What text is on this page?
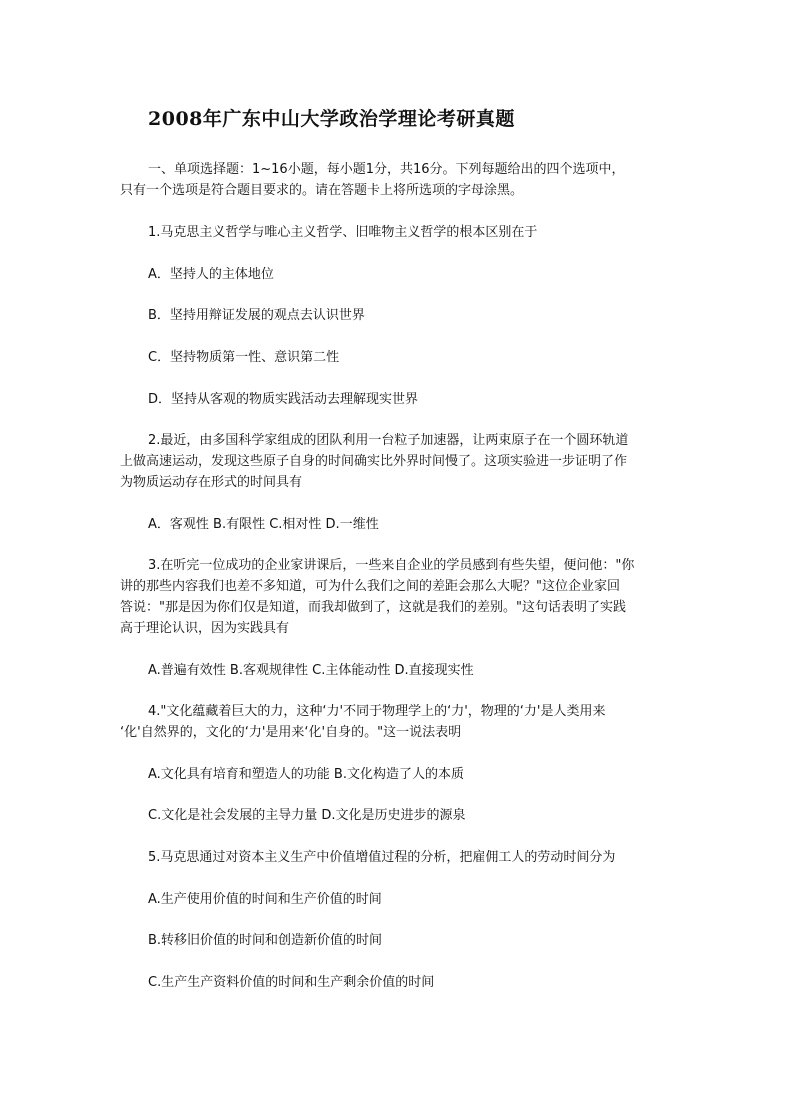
2008年广东中山大学政治学理论考研真题

一、单项选择题：1~16小题，每小题1分，共16分。下列每题给出的四个选项中，

只有一个选项是符合题目要求的。请在答题卡上将所选项的字母涂黑。

1.马克思主义哲学与唯心主义哲学、旧唯物主义哲学的根本区别在于

A．坚持人的主体地位

B．坚持用辩证发展的观点去认识世界

C．坚持物质第一性、意识第二性

D．坚持从客观的物质实践活动去理解现实世界

2.最近，由多国科学家组成的团队利用一台粒子加速器，让两束原子在一个圆环轨道

上做高速运动，发现这些原子自身的时间确实比外界时间慢了。这项实验进一步证明了作

为物质运动存在形式的时间具有

A．客观性 B.有限性 C.相对性 D.一维性

3.在听完一位成功的企业家讲课后，一些来自企业的学员感到有些失望，便问他："你

讲的那些内容我们也差不多知道，可为什么我们之间的差距会那么大呢？"这位企业家回

答说："那是因为你们仅是知道，而我却做到了，这就是我们的差别。"这句话表明了实践

高于理论认识，因为实践具有

A.普遍有效性 B.客观规律性 C.主体能动性 D.直接现实性

4."文化蕴藏着巨大的力，这种‘力'不同于物理学上的‘力'，物理的‘力'是人类用来

‘化'自然界的，文化的‘力'是用来‘化'自身的。"这一说法表明

A.文化具有培育和塑造人的功能 B.文化构造了人的本质

C.文化是社会发展的主导力量 D.文化是历史进步的源泉

5.马克思通过对资本主义生产中价值增值过程的分析，把雇佣工人的劳动时间分为

A.生产使用价值的时间和生产价值的时间

B.转移旧价值的时间和创造新价值的时间

C.生产生产资料价值的时间和生产剩余价值的时间
